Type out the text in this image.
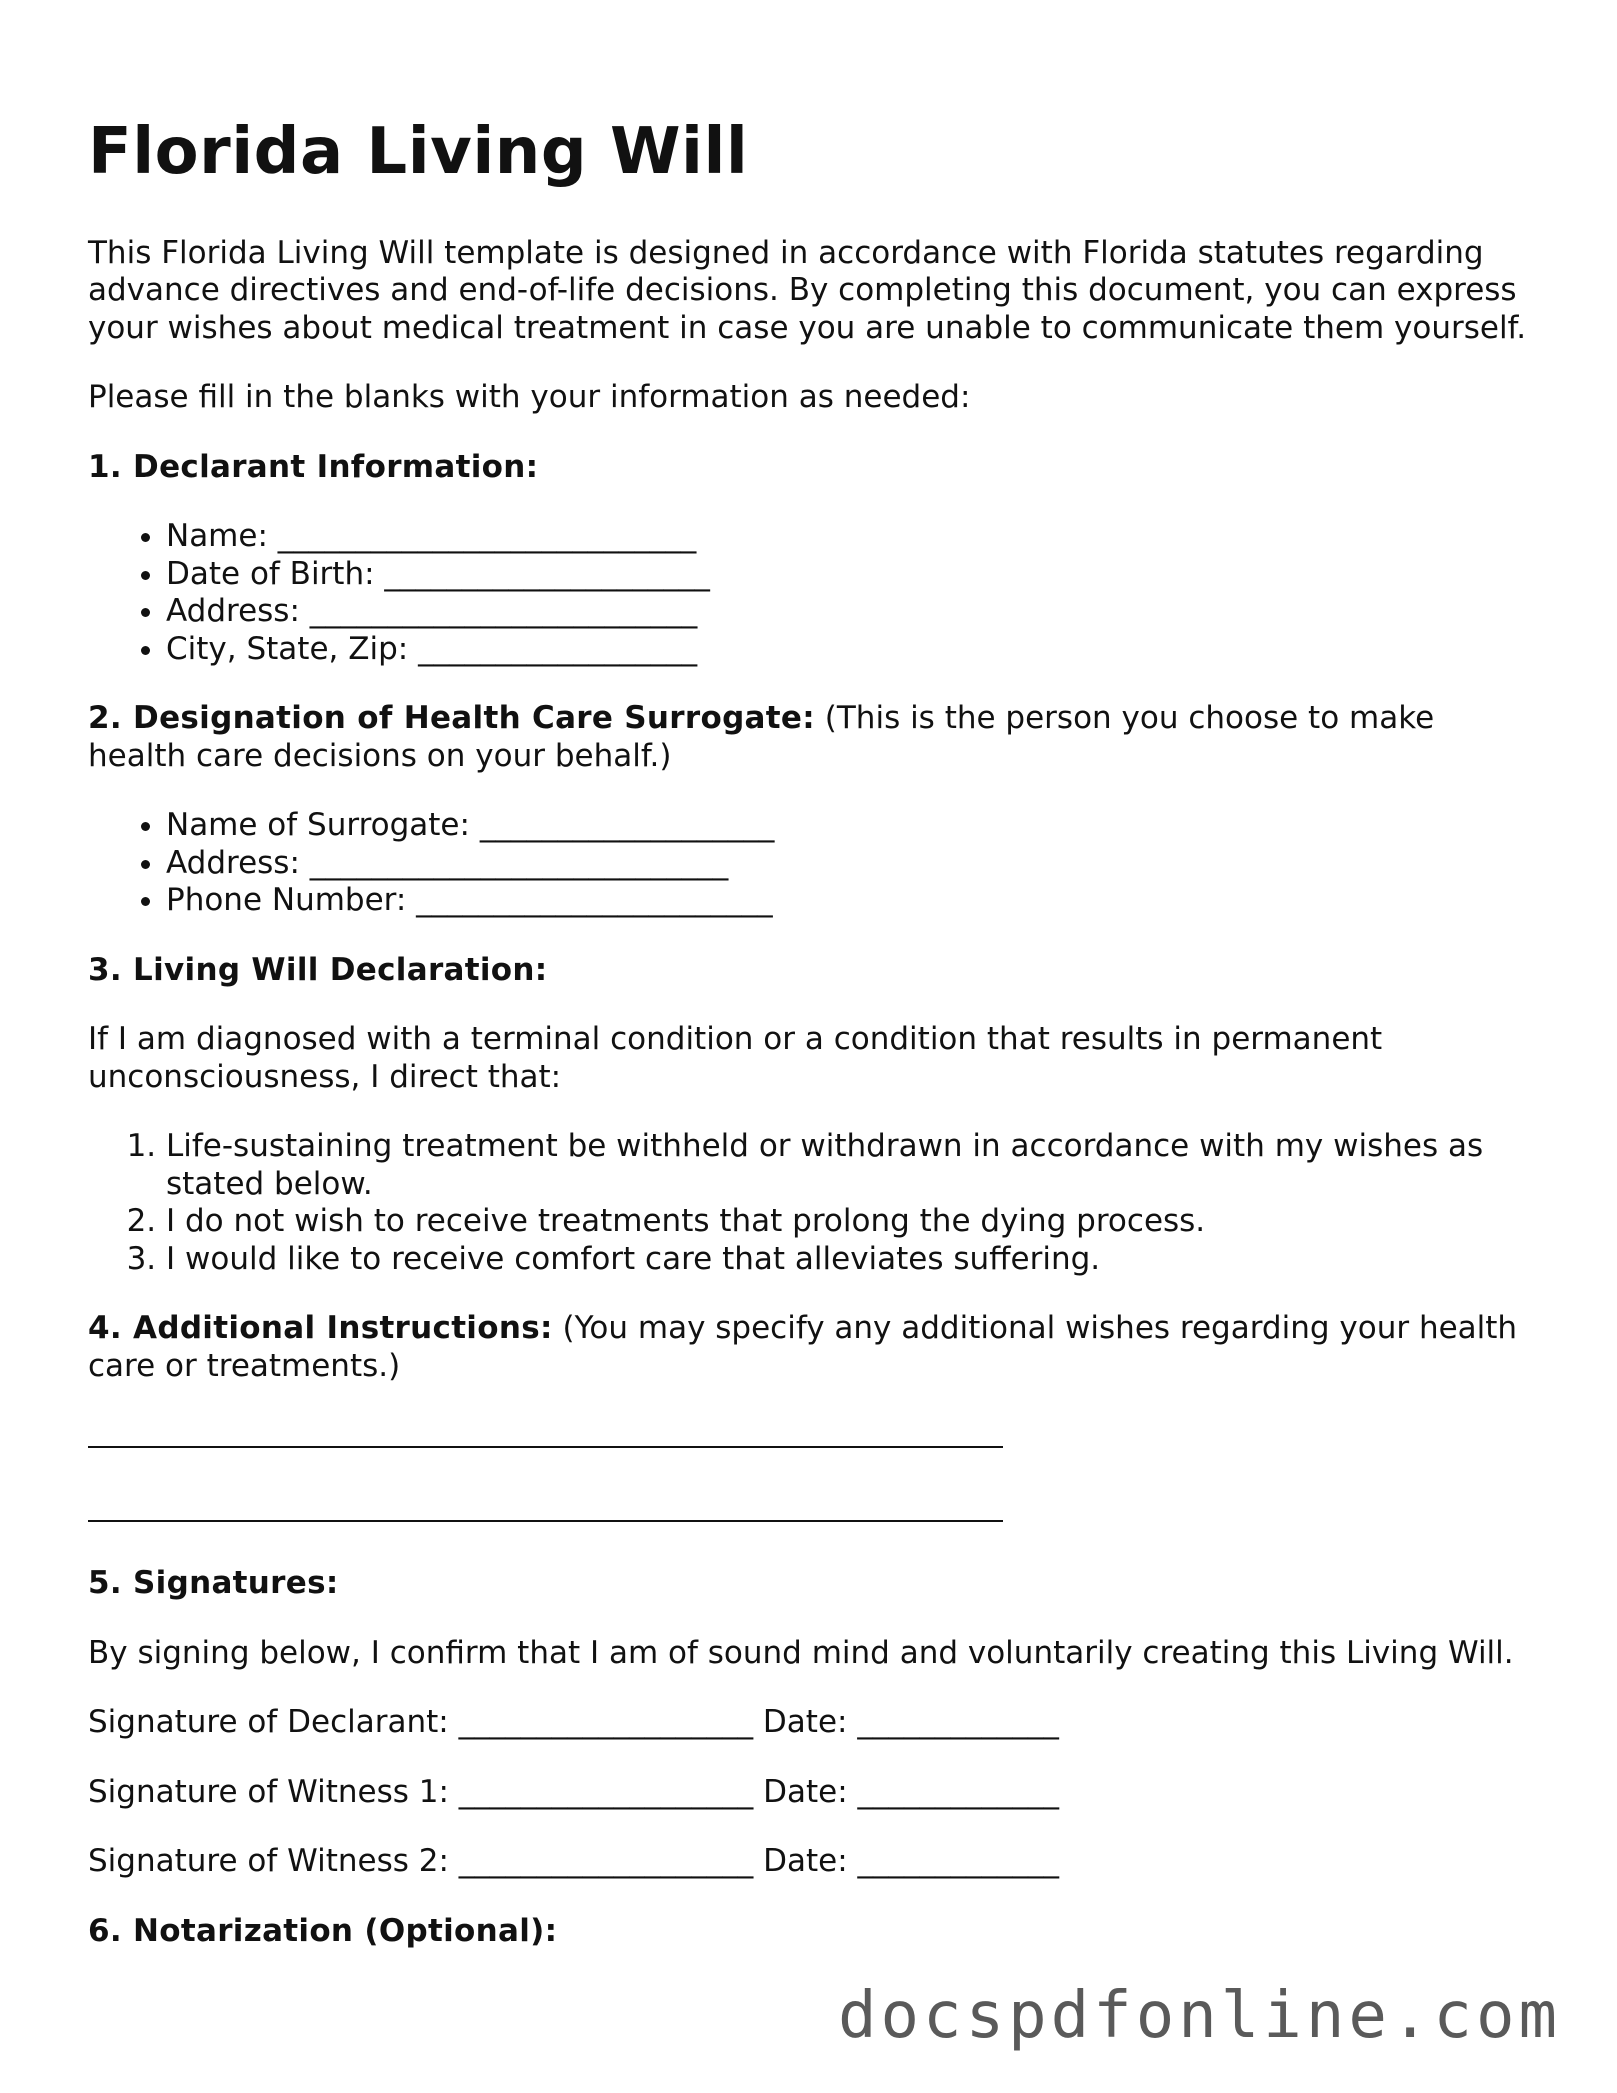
Florida Living Will

This Florida Living Will template is designed in accordance with Florida statutes regarding advance directives and end-of-life decisions. By completing this document, you can express your wishes about medical treatment in case you are unable to communicate them yourself.

Please fill in the blanks with your information as needed:

1. Declarant Information:

• Name: ___________________________
• Date of Birth: _____________________
• Address: _________________________
• City, State, Zip: __________________

2. Designation of Health Care Surrogate: (This is the person you choose to make health care decisions on your behalf.)

• Name of Surrogate: ___________________
• Address: ___________________________
• Phone Number: _______________________

3. Living Will Declaration:

If I am diagnosed with a terminal condition or a condition that results in permanent unconsciousness, I direct that:

1. Life-sustaining treatment be withheld or withdrawn in accordance with my wishes as stated below.
2. I do not wish to receive treatments that prolong the dying process.
3. I would like to receive comfort care that alleviates suffering.

4. Additional Instructions: (You may specify any additional wishes regarding your health care or treatments.)

5. Signatures:

By signing below, I confirm that I am of sound mind and voluntarily creating this Living Will.

Signature of Declarant: ___________________ Date: _____________

Signature of Witness 1: ___________________ Date: _____________

Signature of Witness 2: ___________________ Date: _____________

6. Notarization (Optional):

docspdfonline.com
